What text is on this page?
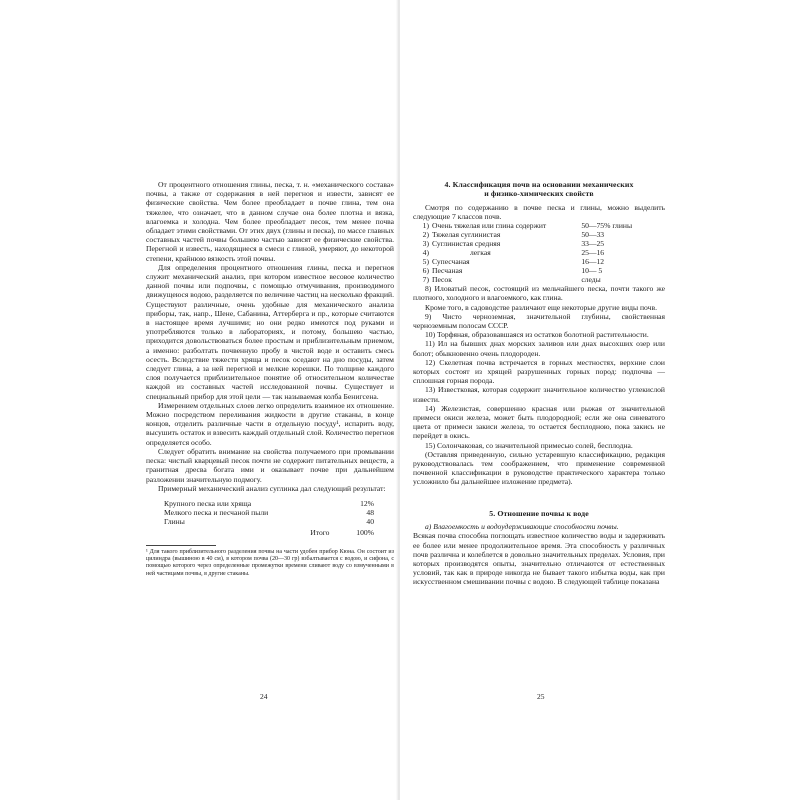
От процентного отношения глины, песка, т. н. «механического состава» почвы, а также от содержания в ней перегноя и извести, зависят ее физические свойства. Чем более преобладает в почве глина, тем она тяжелее, что означает, что в данном случае она более плотна и вязка, влагоемка и холодна. Чем более преобладает песок, тем менее почва обладает этими свойствами. От этих двух (глины и песка), по массе главных составных частей почвы большею частью зависят ее физические свойства. Перегной и известь, находящиеся в смеси с глиной, умеряют, до некоторой степени, крайнюю вязкость этой почвы.

Для определения процентного отношения глины, песка и перегноя служит механический анализ, при котором известное весовое количество данной почвы или подпочвы, с помощью отмучивания, производимого движущеюся водою, разделяется по величине частиц на несколько фракций. Существуют различные, очень удобные для механического анализа приборы, так, напр., Шене, Сабанина, Аттерберга и пр., которые считаются в настоящее время лучшими; но они редко имеются под руками и употребляются только в лабораториях, и потому, большею частью, приходится довольствоваться более простым и приблизительным приемом, а именно: разболтать почвенную пробу в чистой воде и оставить смесь осесть. Вследствие тяжести хряща и песок оседают на дно посуды, затем следует глина, а за ней перегной и мелкие корешки. По толщине каждого слоя получается приблизительное понятие об относительном количестве каждой из составных частей исследованной почвы. Существует и специальный прибор для этой цели — так называемая колба Бенигсена.

Измерением отдельных слоев легко определить взаимное их отношение. Можно посредством переливания жидкости в другие стаканы, в конце концов, отделить различные части в отдельную посуду¹, испарить воду, высушить остаток и взвесить каждый отдельный слой. Количество перегноя определяется особо.

Следует обратить внимание на свойства получаемого при промывании песка: чистый кварцевый песок почти не содержит питательных веществ, а гранитная дресва богата ими и оказывает почве при дальнейшем разложении значительную подмогу.

Примерный механический анализ суглинка дал следующий результат:

Крупного песка или хряща	12%
Мелкого песка и песчаной пыли	48
Глины	40
Итого	100%
¹ Для такого приблизительного разделения почвы на части удобен прибор Кюна. Он состоит из цилиндра (вышиною в 40 см), в котором почва (20—30 гр) взбалтывается с водою, и сифона, с помощью которого через определенные промежутки времени сливают воду со взмученными в ней частицами почвы, в другие стаканы.
24
4. Классификация почв на основании механических
и физико-химических свойств

Смотря по содержанию в почве песка и глины, можно выделить следующие 7 классов почв.

1)	Очень тяжелая или глина содержит	50—75% глины
2)	Тяжелая суглинистая	50—33
3)	Суглинистая средняя	33—25
4)	легкая	25—16
5)	Супесчаная	16—12
6)	Песчаная	10— 5
7)	Песок	следы

8) Иловатый песок, состоящий из мельчайшего песка, почти такого же плотного, холодного и влагоемкого, как глина.

Кроме того, в садоводстве различают еще некоторые другие виды почв.

9) Чисто черноземная, значительной глубины, свойственная черноземным полосам СССР.

10) Торфяная, образовавшаяся из остатков болотной растительности.

11) Ил на бывших днах морских заливов или днах высохших озер или болот; обыкновенно очень плодороден.

12) Скелетная почва встречается в горных местностях, верхние слои которых состоят из хрящей разрушенных горных пород: подпочва — сплошная горная порода.

13) Известковая, которая содержит значительное количество углекислой извести.

14) Железистая, совершенно красная или рыжая от значительной примеси окиси железа, может быть плодородной; если же она синеватого цвета от примеси закиси железа, то остается бесплодною, пока закись не перейдет в окись.

15) Солончаковая, со значительной примесью солей, бесплодна.

(Оставляя приведенную, сильно устаревшую классификацию, редакция руководствовалась тем соображением, что применение современной почвенной классификации в руководстве практического характера только усложнило бы дальнейшее изложение предмета).

5. Отношение почвы к воде

а) Влагоемкость и водоудерживающие способности почвы.

Всякая почва способна поглощать известное количество воды и задерживать ее более или менее продолжительное время. Эта способность у различных почв различна и колеблется в довольно значительных пределах. Условия, при которых производятся опыты, значительно отличаются от естественных условий, так как в природе никогда не бывает такого избытка воды, как при искусственном смешивании почвы с водою. В следующей таблице показана

25
